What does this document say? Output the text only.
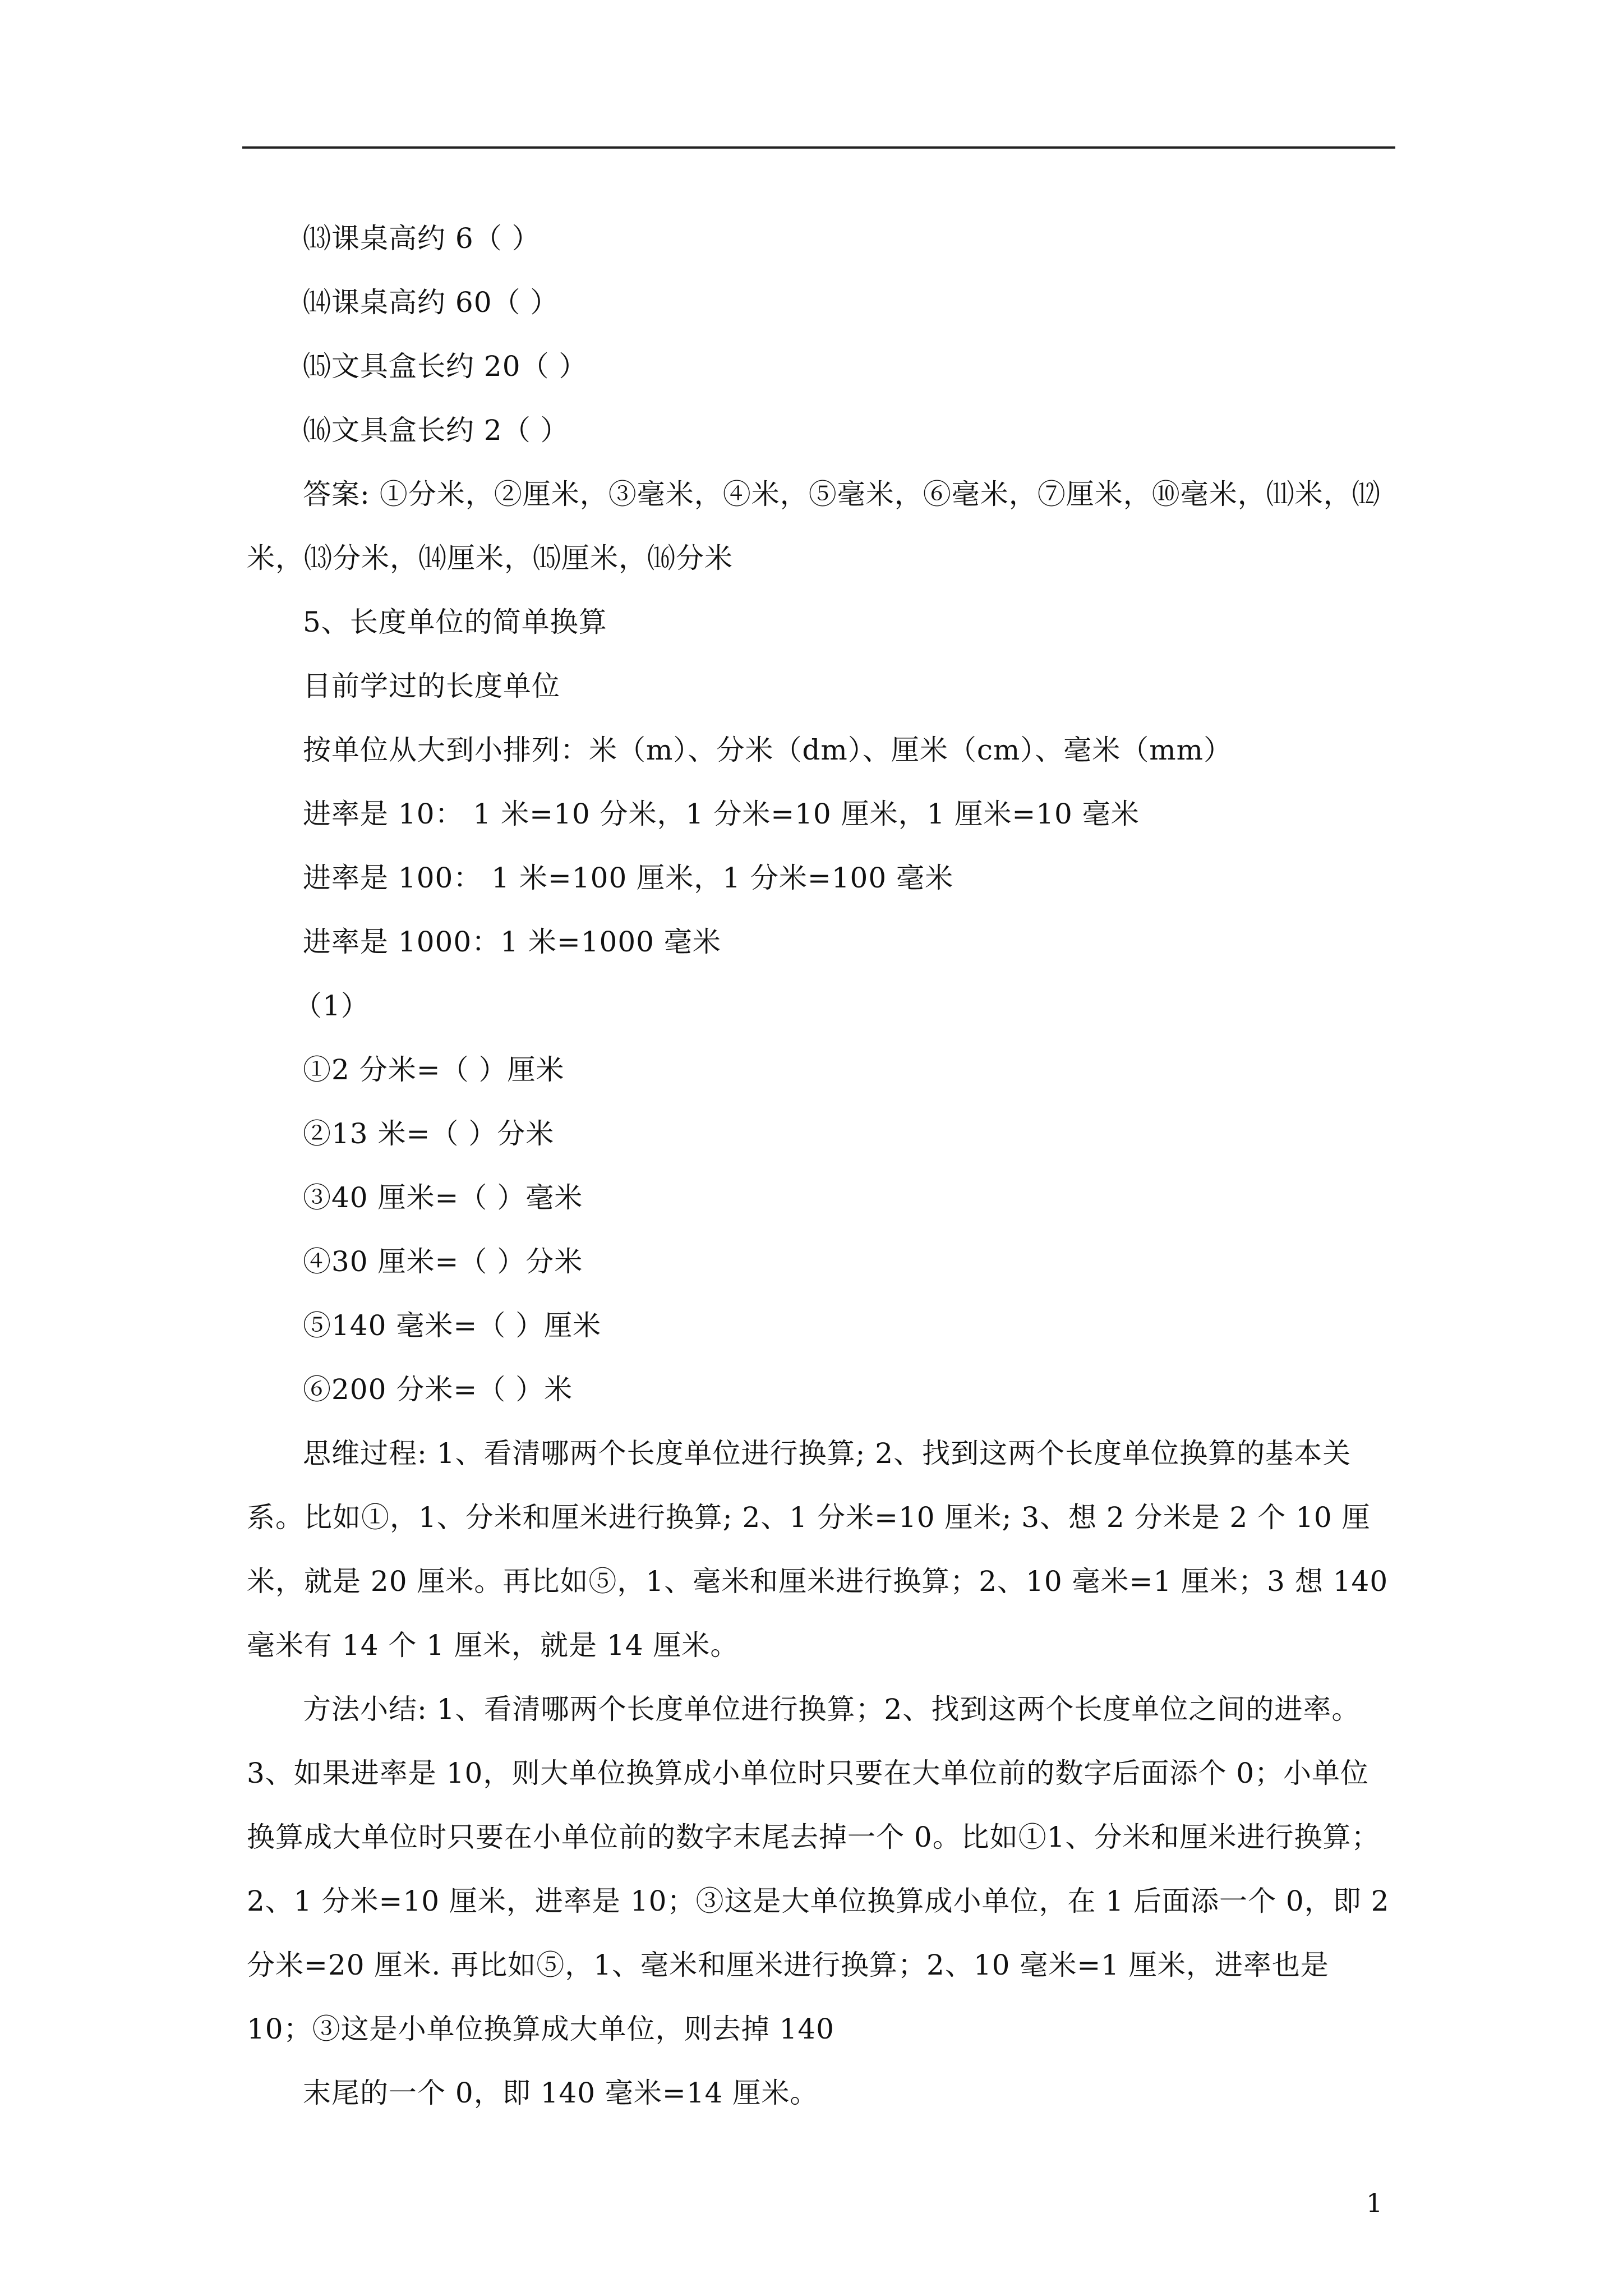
⒀课桌高约 6（ ）
⒁课桌高约 60（ ）
⒂文具盒长约 20（ ）
⒃文具盒长约 2（ ）
答案: ①分米，②厘米，③毫米，④米，⑤毫米，⑥毫米，⑦厘米，⑩毫米，⑾米，⑿米，⒀分米，⒁厘米，⒂厘米，⒃分米
5、长度单位的简单换算
目前学过的长度单位
按单位从大到小排列：米（m）、分米（dm）、厘米（cm）、毫米（mm）
进率是 10： 1 米=10 分米，1 分米=10 厘米，1 厘米=10 毫米
进率是 100： 1 米=100 厘米，1 分米=100 毫米
进率是 1000：1 米=1000 毫米
（1）
①2 分米=（ ）厘米
②13 米=（ ）分米
③40 厘米=（ ）毫米
④30 厘米=（ ）分米
⑤140 毫米=（ ）厘米
⑥200 分米=（ ）米
思维过程: 1、看清哪两个长度单位进行换算; 2、找到这两个长度单位换算的基本关系。比如①，1、分米和厘米进行换算; 2、1 分米=10 厘米; 3、想 2 分米是 2 个 10 厘米，就是 20 厘米。再比如⑤，1、毫米和厘米进行换算；2、10 毫米=1 厘米；3 想 140 毫米有 14 个 1 厘米，就是 14 厘米。
方法小结: 1、看清哪两个长度单位进行换算；2、找到这两个长度单位之间的进率。3、如果进率是 10，则大单位换算成小单位时只要在大单位前的数字后面添个 0；小单位换算成大单位时只要在小单位前的数字末尾去掉一个 0。比如①1、分米和厘米进行换算；2、1 分米=10 厘米，进率是 10；③这是大单位换算成小单位，在 1 后面添一个 0，即 2 分米=20 厘米. 再比如⑤，1、毫米和厘米进行换算；2、10 毫米=1 厘米，进率也是 10；③这是小单位换算成大单位，则去掉 140
末尾的一个 0，即 140 毫米=14 厘米。
1
